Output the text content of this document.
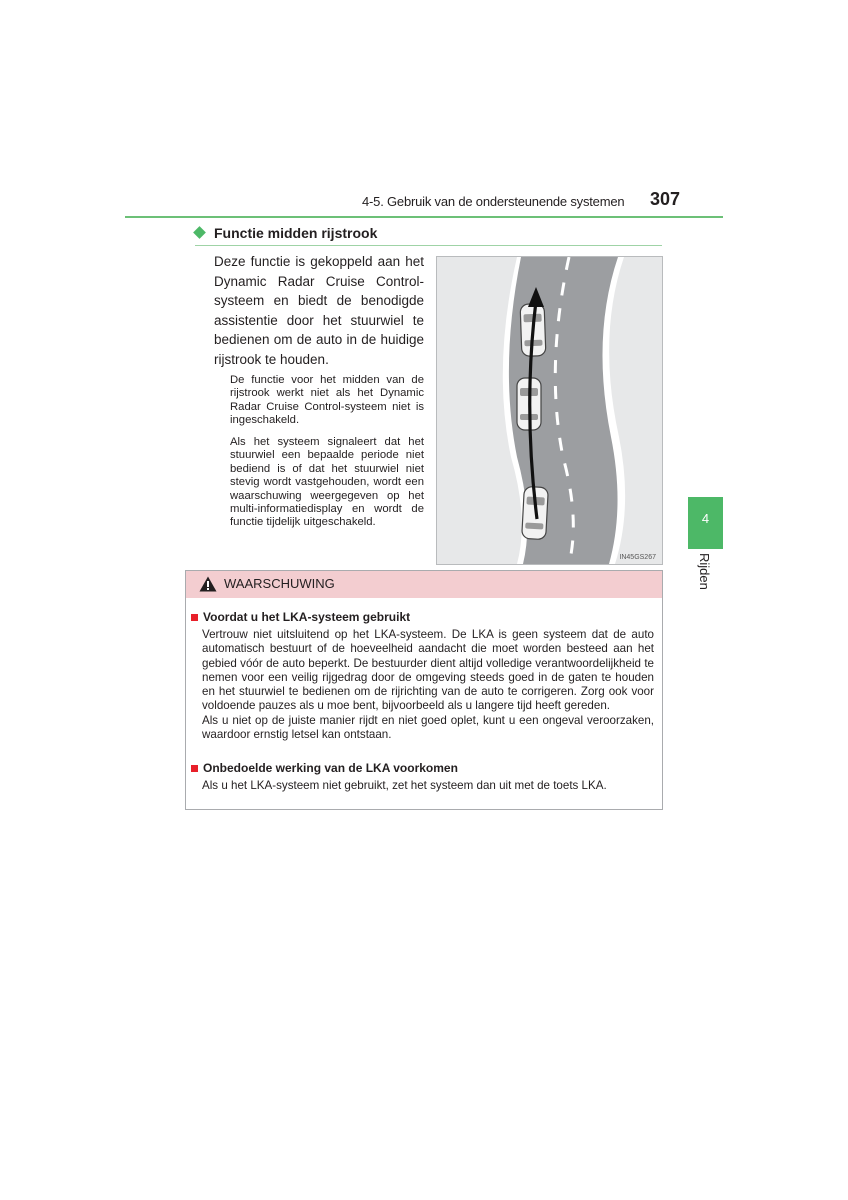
4-5. Gebruik van de ondersteunende systemen 307
Functie midden rijstrook
Deze functie is gekoppeld aan het Dynamic Radar Cruise Control-systeem en biedt de benodigde assistentie door het stuurwiel te bedienen om de auto in de huidige rijstrook te houden.
De functie voor het midden van de rijstrook werkt niet als het Dynamic Radar Cruise Control-systeem niet is ingeschakeld.
Als het systeem signaleert dat het stuurwiel een bepaalde periode niet bediend is of dat het stuurwiel niet stevig wordt vastgehouden, wordt een waarschuwing weergegeven op het multi-informatiedisplay en wordt de functie tijdelijk uitgeschakeld.
IN45GS267
4
Rijden
WAARSCHUWING
Voordat u het LKA-systeem gebruikt

Vertrouw niet uitsluitend op het LKA-systeem. De LKA is geen systeem dat de auto automatisch bestuurt of de hoeveelheid aandacht die moet worden besteed aan het gebied vóór de auto beperkt. De bestuurder dient altijd volledige verantwoordelijkheid te nemen voor een veilig rijgedrag door de omgeving steeds goed in de gaten te houden en het stuurwiel te bedienen om de rijrichting van de auto te corrigeren. Zorg ook voor voldoende pauzes als u moe bent, bijvoorbeeld als u langere tijd heeft gereden.

Als u niet op de juiste manier rijdt en niet goed oplet, kunt u een ongeval veroorzaken, waardoor ernstig letsel kan ontstaan.

Onbedoelde werking van de LKA voorkomen

Als u het LKA-systeem niet gebruikt, zet het systeem dan uit met de toets LKA.
